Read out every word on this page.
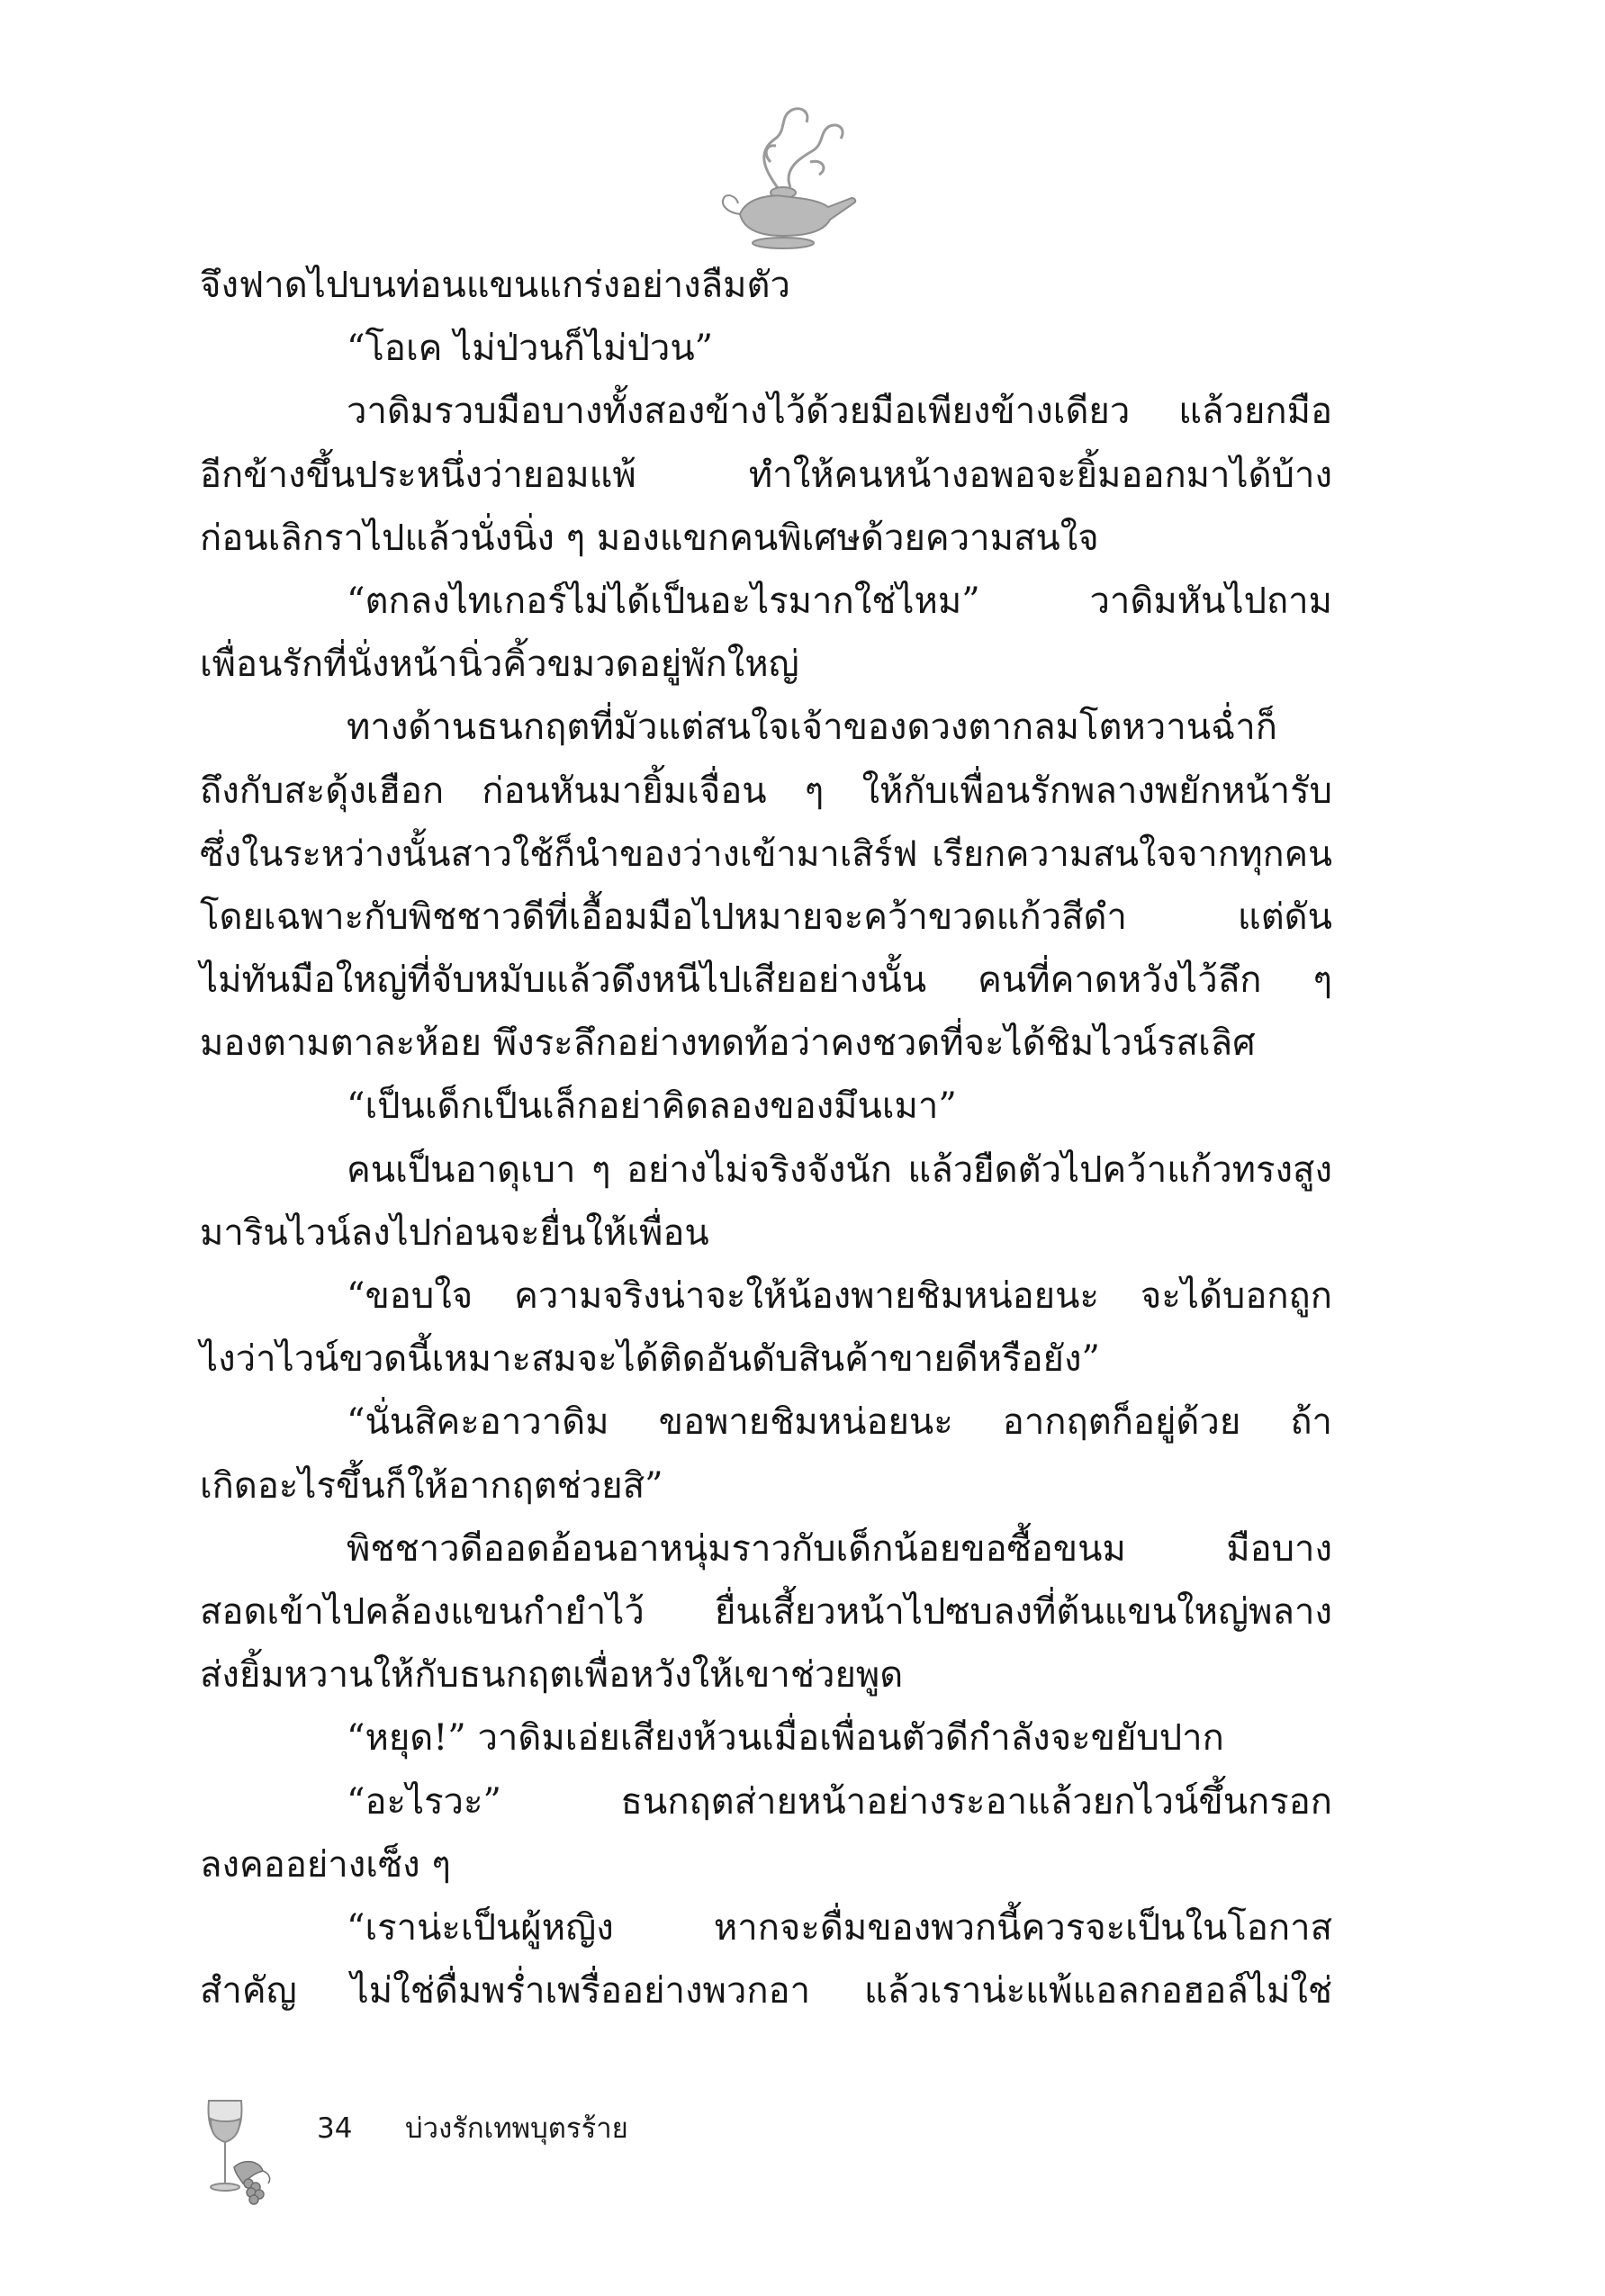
จึงฟาดไปบนท่อนแขนแกร่งอย่างลืมตัว
“โอเค ไม่ป่วนก็ไม่ป่วน”
วาดิมรวบมือบางทั้งสองข้างไว้ด้วยมือเพียงข้างเดียว แล้วยกมือ
อีกข้างขึ้นประหนึ่งว่ายอมแพ้ ทำให้คนหน้างอพอจะยิ้มออกมาได้บ้าง
ก่อนเลิกราไปแล้วนั่งนิ่ง ๆ มองแขกคนพิเศษด้วยความสนใจ
“ตกลงไทเกอร์ไม่ได้เป็นอะไรมากใช่ไหม” วาดิมหันไปถาม
เพื่อนรักที่นั่งหน้านิ่วคิ้วขมวดอยู่พักใหญ่
ทางด้านธนกฤตที่มัวแต่สนใจเจ้าของดวงตากลมโตหวานฉ่ำก็
ถึงกับสะดุ้งเฮือก ก่อนหันมายิ้มเจื่อน ๆ ให้กับเพื่อนรักพลางพยักหน้ารับ
ซึ่งในระหว่างนั้นสาวใช้ก็นำของว่างเข้ามาเสิร์ฟ เรียกความสนใจจากทุกคน
โดยเฉพาะกับพิชชาวดีที่เอื้อมมือไปหมายจะคว้าขวดแก้วสีดำ แต่ดัน
ไม่ทันมือใหญ่ที่จับหมับแล้วดึงหนีไปเสียอย่างนั้น คนที่คาดหวังไว้ลึก ๆ
มองตามตาละห้อย พึงระลึกอย่างทดท้อว่าคงชวดที่จะได้ชิมไวน์รสเลิศ
“เป็นเด็กเป็นเล็กอย่าคิดลองของมึนเมา”
คนเป็นอาดุเบา ๆ อย่างไม่จริงจังนัก แล้วยืดตัวไปคว้าแก้วทรงสูง
มารินไวน์ลงไปก่อนจะยื่นให้เพื่อน
“ขอบใจ ความจริงน่าจะให้น้องพายชิมหน่อยนะ จะได้บอกถูก
ไงว่าไวน์ขวดนี้เหมาะสมจะได้ติดอันดับสินค้าขายดีหรือยัง”
“นั่นสิคะอาวาดิม ขอพายชิมหน่อยนะ อากฤตก็อยู่ด้วย ถ้า
เกิดอะไรขึ้นก็ให้อากฤตช่วยสิ”
พิชชาวดีออดอ้อนอาหนุ่มราวกับเด็กน้อยขอซื้อขนม มือบาง
สอดเข้าไปคล้องแขนกำยำไว้ ยื่นเสี้ยวหน้าไปซบลงที่ต้นแขนใหญ่พลาง
ส่งยิ้มหวานให้กับธนกฤตเพื่อหวังให้เขาช่วยพูด
“หยุด!” วาดิมเอ่ยเสียงห้วนเมื่อเพื่อนตัวดีกำลังจะขยับปาก
“อะไรวะ” ธนกฤตส่ายหน้าอย่างระอาแล้วยกไวน์ขึ้นกรอก
ลงคออย่างเซ็ง ๆ
“เราน่ะเป็นผู้หญิง หากจะดื่มของพวกนี้ควรจะเป็นในโอกาส
สำคัญ ไม่ใช่ดื่มพร่ำเพรื่ออย่างพวกอา แล้วเราน่ะแพ้แอลกอฮอล์ไม่ใช่
34 บ่วงรักเทพบุตรร้าย
